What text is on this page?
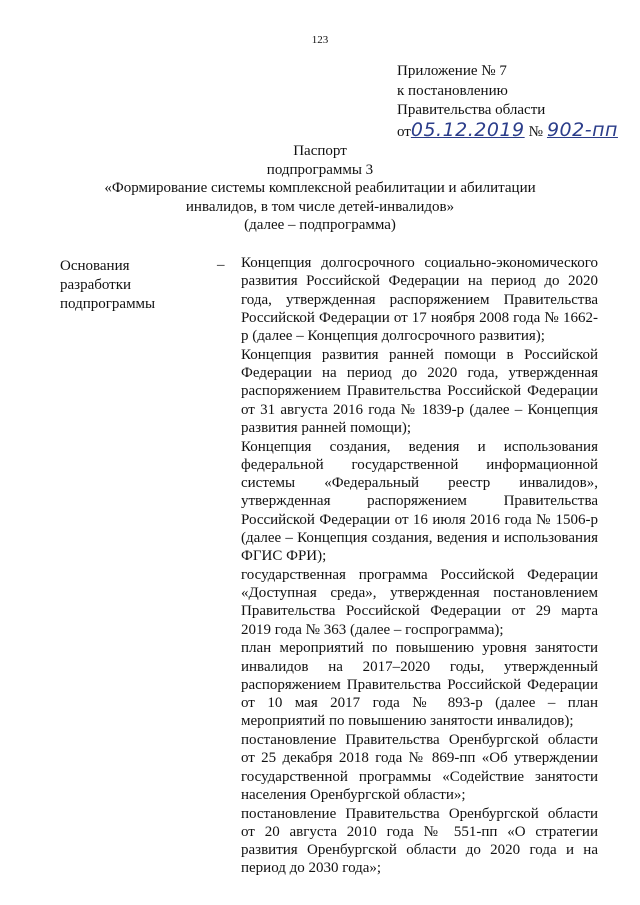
123
Приложение № 7
к постановлению
Правительства области
от 05.12.2019 № 902-пп
Паспорт
подпрограммы 3
«Формирование системы комплексной реабилитации и абилитации
инвалидов, в том числе детей-инвалидов»
(далее – подпрограмма)
Основания разработки подпрограммы
– Концепция долгосрочного социально-экономического развития Российской Федерации на период до 2020 года, утвержденная распоряжением Правительства Российской Федерации от 17 ноября 2008 года № 1662-р (далее – Концепция долгосрочного развития);

Концепция развития ранней помощи в Российской Федерации на период до 2020 года, утвержденная распоряжением Правительства Российской Федерации от 31 августа 2016 года № 1839-р (далее – Концепция развития ранней помощи);

Концепция создания, ведения и использования федеральной государственной информационной системы «Федеральный реестр инвалидов», утвержденная распоряжением Правительства Российской Федерации от 16 июля 2016 года № 1506-р (далее – Концепция создания, ведения и использования ФГИС ФРИ);

государственная программа Российской Федерации «Доступная среда», утвержденная постановлением Правительства Российской Федерации от 29 марта 2019 года № 363 (далее – госпрограмма);

план мероприятий по повышению уровня занятости инвалидов на 2017–2020 годы, утвержденный распоряжением Правительства Российской Федерации от 10 мая 2017 года № 893-р (далее – план мероприятий по повышению занятости инвалидов);

постановление Правительства Оренбургской области от 25 декабря 2018 года № 869-пп «Об утверждении государственной программы «Содействие занятости населения Оренбургской области»;

постановление Правительства Оренбургской области от 20 августа 2010 года № 551-пп «О стратегии развития Оренбургской области до 2020 года и на период до 2030 года»;
